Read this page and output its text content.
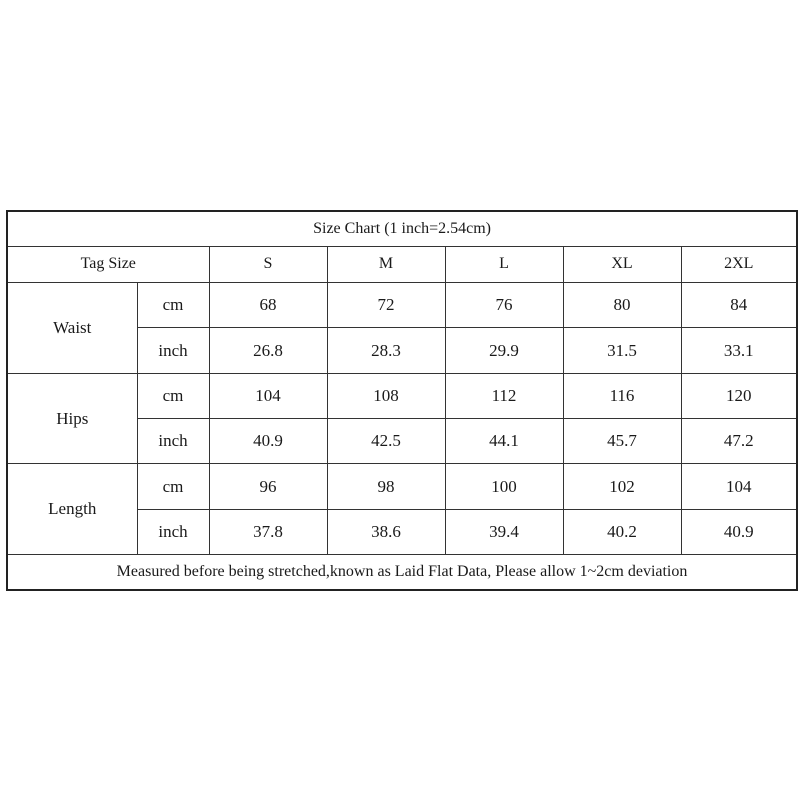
Size Chart (1 inch=2.54cm)						
Tag Size		S	M	L	XL	2XL
Waist	cm	68	72	76	80	84
	inch	26.8	28.3	29.9	31.5	33.1
Hips	cm	104	108	112	116	120
	inch	40.9	42.5	44.1	45.7	47.2
Length	cm	96	98	100	102	104
	inch	37.8	38.6	39.4	40.2	40.9
Measured before being stretched,known as Laid Flat Data, Please allow 1~2cm deviation						
